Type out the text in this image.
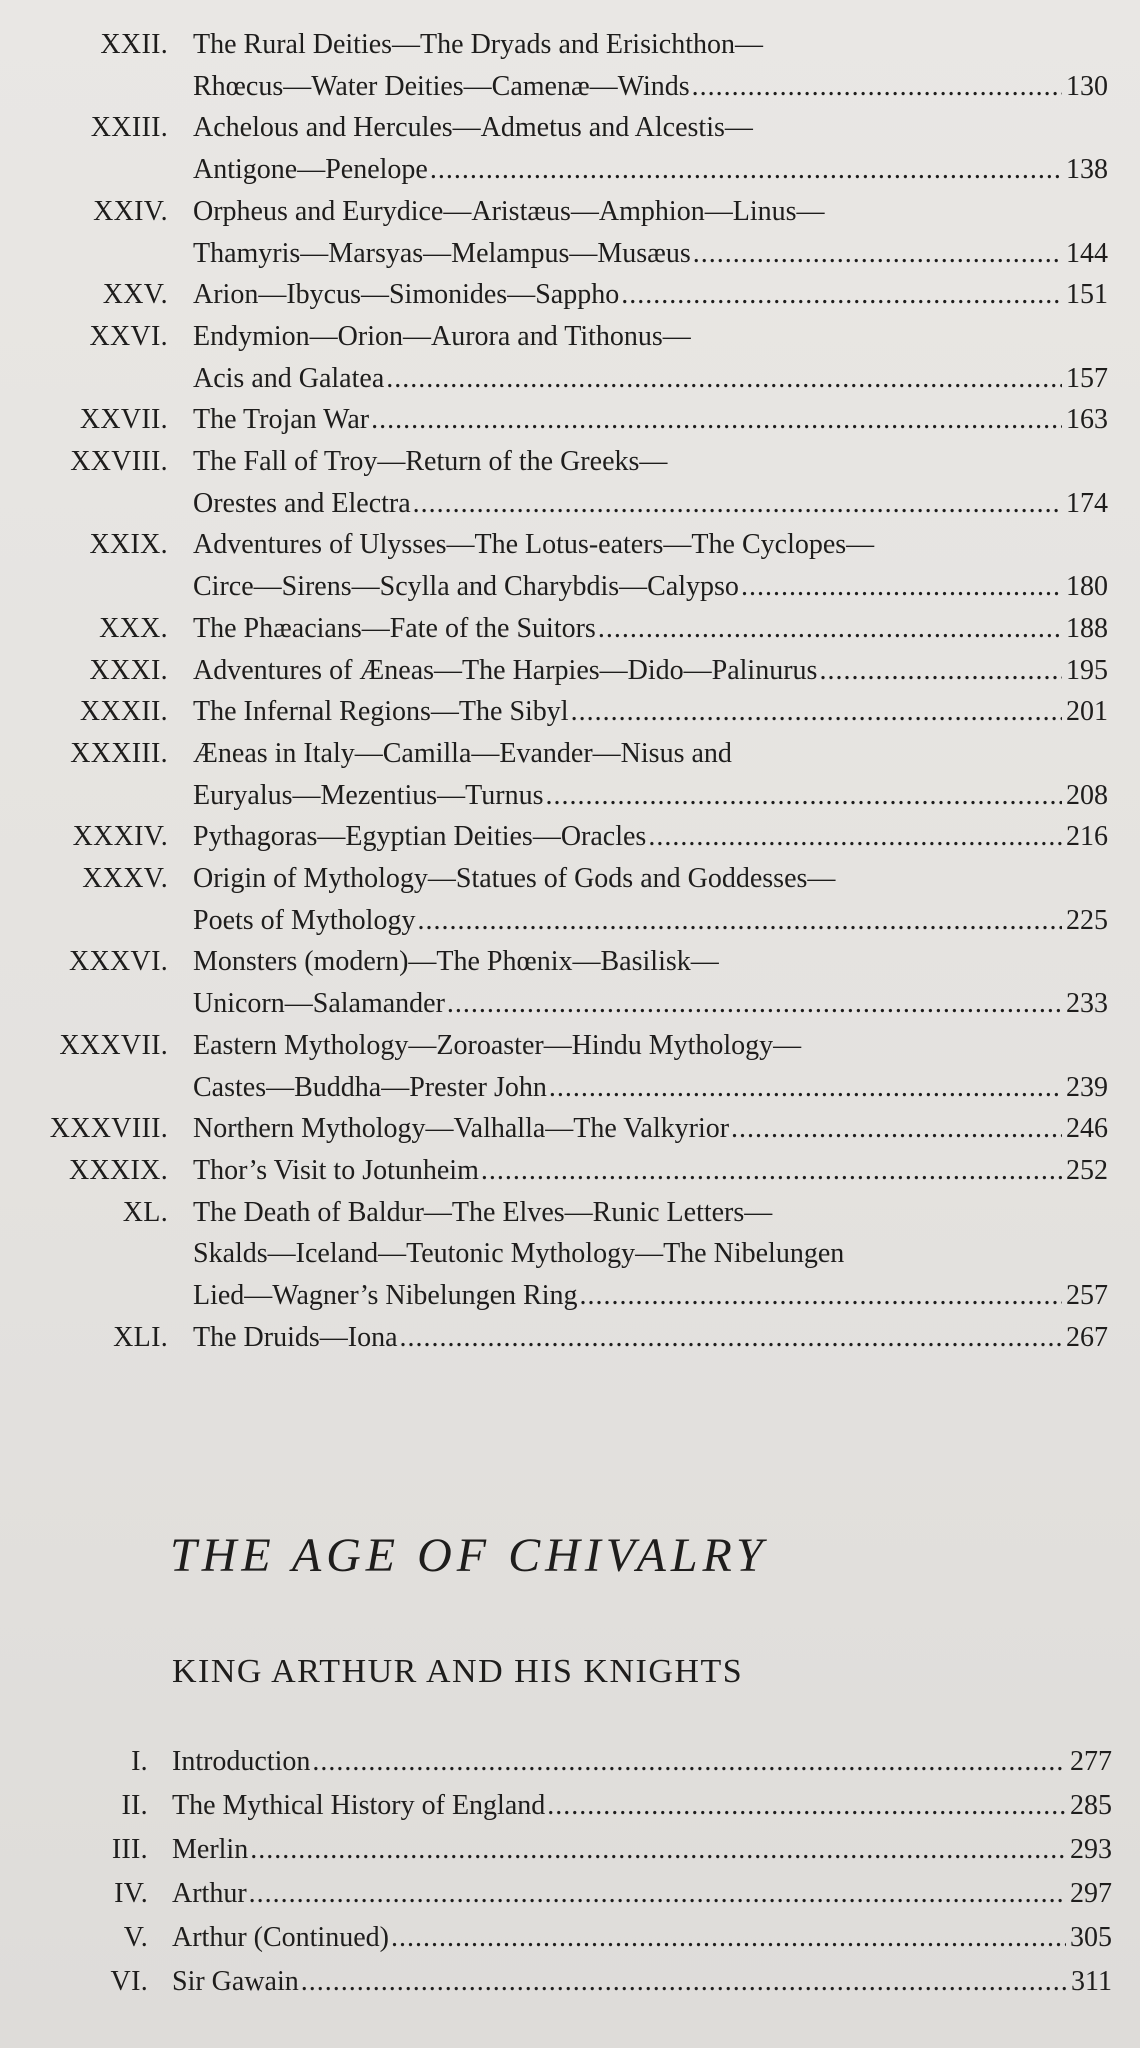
XXII. The Rural Deities—The Dryads and Erisichthon—
Rhœcus—Water Deities—Camenæ—Winds .....	130
XXIII. Achelous and Hercules—Admetus and Alcestis—
Antigone—Penelope .....	138
XXIV. Orpheus and Eurydice—Aristæus—Amphion—Linus—
Thamyris—Marsyas—Melampus—Musæus .....	144
XXV. Arion—Ibycus—Simonides—Sappho .....	151
XXVI. Endymion—Orion—Aurora and Tithonus—
Acis and Galatea .....	157
XXVII. The Trojan War .....	163
XXVIII. The Fall of Troy—Return of the Greeks—
Orestes and Electra .....	174
XXIX. Adventures of Ulysses—The Lotus-eaters—The Cyclopes—
Circe—Sirens—Scylla and Charybdis—Calypso .....	180
XXX. The Phæacians—Fate of the Suitors .....	188
XXXI. Adventures of Æneas—The Harpies—Dido—Palinurus .....	195
XXXII. The Infernal Regions—The Sibyl .....	201
XXXIII. Æneas in Italy—Camilla—Evander—Nisus and
Euryalus—Mezentius—Turnus .....	208
XXXIV. Pythagoras—Egyptian Deities—Oracles .....	216
XXXV. Origin of Mythology—Statues of Gods and Goddesses—
Poets of Mythology .....	225
XXXVI. Monsters (modern)—The Phœnix—Basilisk—
Unicorn—Salamander .....	233
XXXVII. Eastern Mythology—Zoroaster—Hindu Mythology—
Castes—Buddha—Prester John .....	239
XXXVIII. Northern Mythology—Valhalla—The Valkyrior .....	246
XXXIX. Thor’s Visit to Jotunheim .....	252
XL. The Death of Baldur—The Elves—Runic Letters—
Skalds—Iceland—Teutonic Mythology—The Nibelungen
Lied—Wagner’s Nibelungen Ring .....	257
XLI. The Druids—Iona .....	267
THE AGE OF CHIVALRY
KING ARTHUR AND HIS KNIGHTS
I. Introduction .....	277
II. The Mythical History of England .....	285
III. Merlin .....	293
IV. Arthur .....	297
V. Arthur (Continued) .....	305
VI. Sir Gawain .....	311
